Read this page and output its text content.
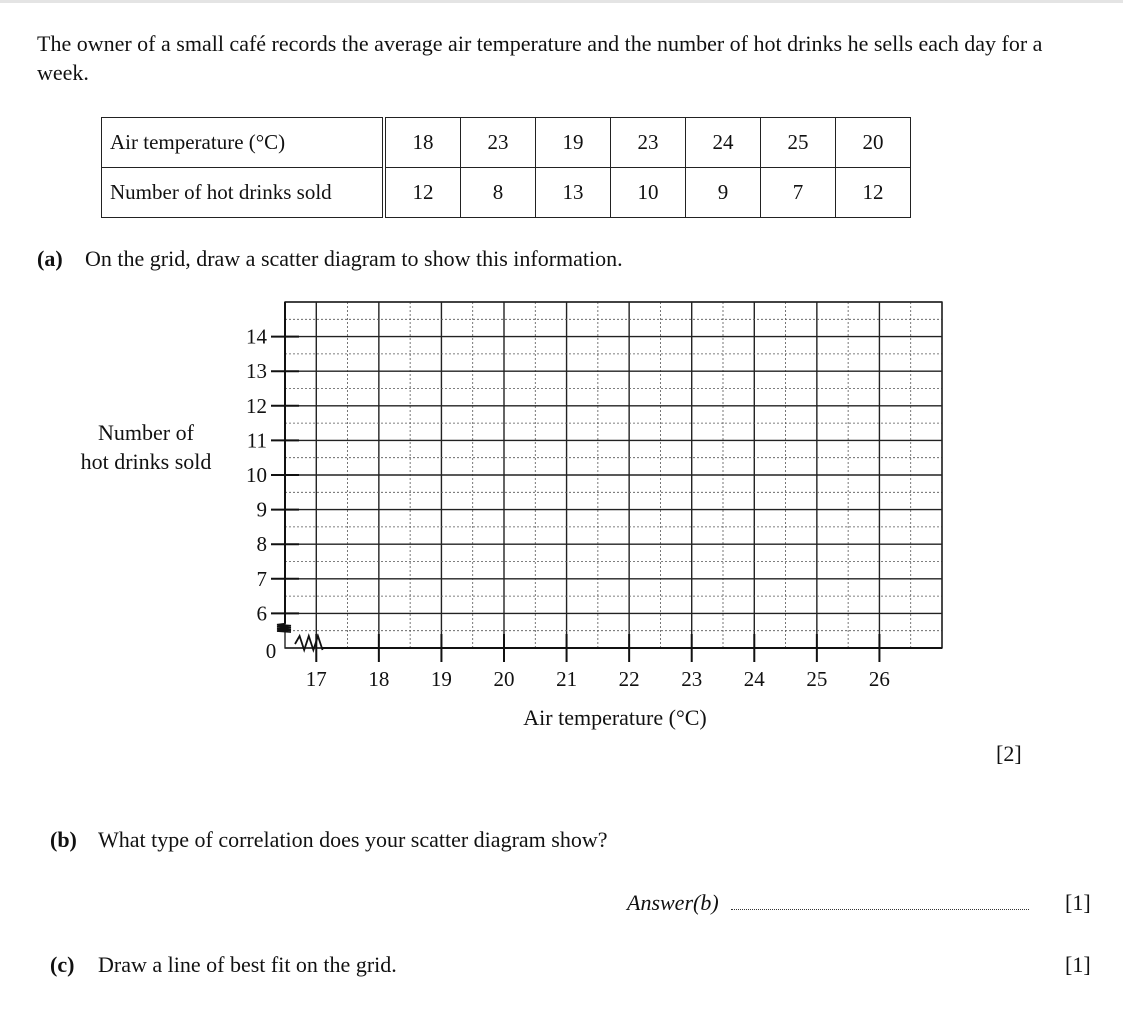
The owner of a small café records the average air temperature and the number of hot drinks he sells each day for a week.

Air temperature (°C)	18	23	19	23	24	25	20
Number of hot drinks sold	12	8	13	10	9	7	12

(a) On the grid, draw a scatter diagram to show this information.

6
7
8
9
10
11
12
13
14
17 18 19 20 21 22 23 24 25 26
0
Number of
hot drinks sold
Air temperature (°C)

[2]

(b) What type of correlation does your scatter diagram show?

Answer(b)	[1]

(c) Draw a line of best fit on the grid.	[1]
